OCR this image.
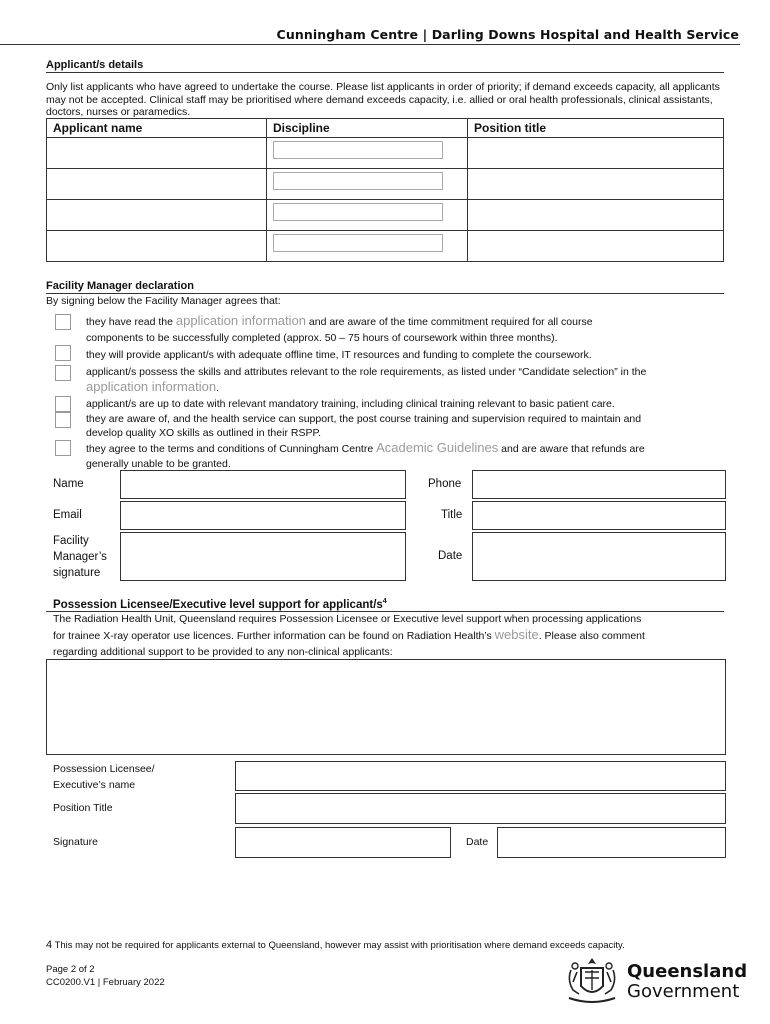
Cunningham Centre | Darling Downs Hospital and Health Service
Applicant/s details
Only list applicants who have agreed to undertake the course. Please list applicants in order of priority; if demand exceeds capacity, all applicants may not be accepted. Clinical staff may be prioritised where demand exceeds capacity, i.e. allied or oral health professionals, clinical assistants, doctors, nurses or paramedics.
Applicant name	Discipline	Position title

Facility Manager declaration
By signing below the Facility Manager agrees that:
they have read the application information and are aware of the time commitment required for all course
components to be successfully completed (approx. 50 – 75 hours of coursework within three months).
they will provide applicant/s with adequate offline time, IT resources and funding to complete the coursework.
applicant/s possess the skills and attributes relevant to the role requirements, as listed under “Candidate selection” in the
application information.
applicant/s are up to date with relevant mandatory training, including clinical training relevant to basic patient care.
they are aware of, and the health service can support, the post course training and supervision required to maintain and
develop quality XO skills as outlined in their RSPP.
they agree to the terms and conditions of Cunningham Centre Academic Guidelines and are aware that refunds are
generally unable to be granted.
Name	Phone
Email	Title
Facility
Manager’s
signature
Date
Possession Licensee/Executive level support for applicant/$s^4$
The Radiation Health Unit, Queensland requires Possession Licensee or Executive level support when processing applications
for trainee X-ray operator use licences. Further information can be found on Radiation Health’s website. Please also comment
regarding additional support to be provided to any non-clinical applicants:
Possession Licensee/
Executive’s name
Position Title
Signature	Date
4 This may not be required for applicants external to Queensland, however may assist with prioritisation where demand exceeds capacity.
Page 2 of 2
CC0200.V1 | February 2022
Queensland
Government
